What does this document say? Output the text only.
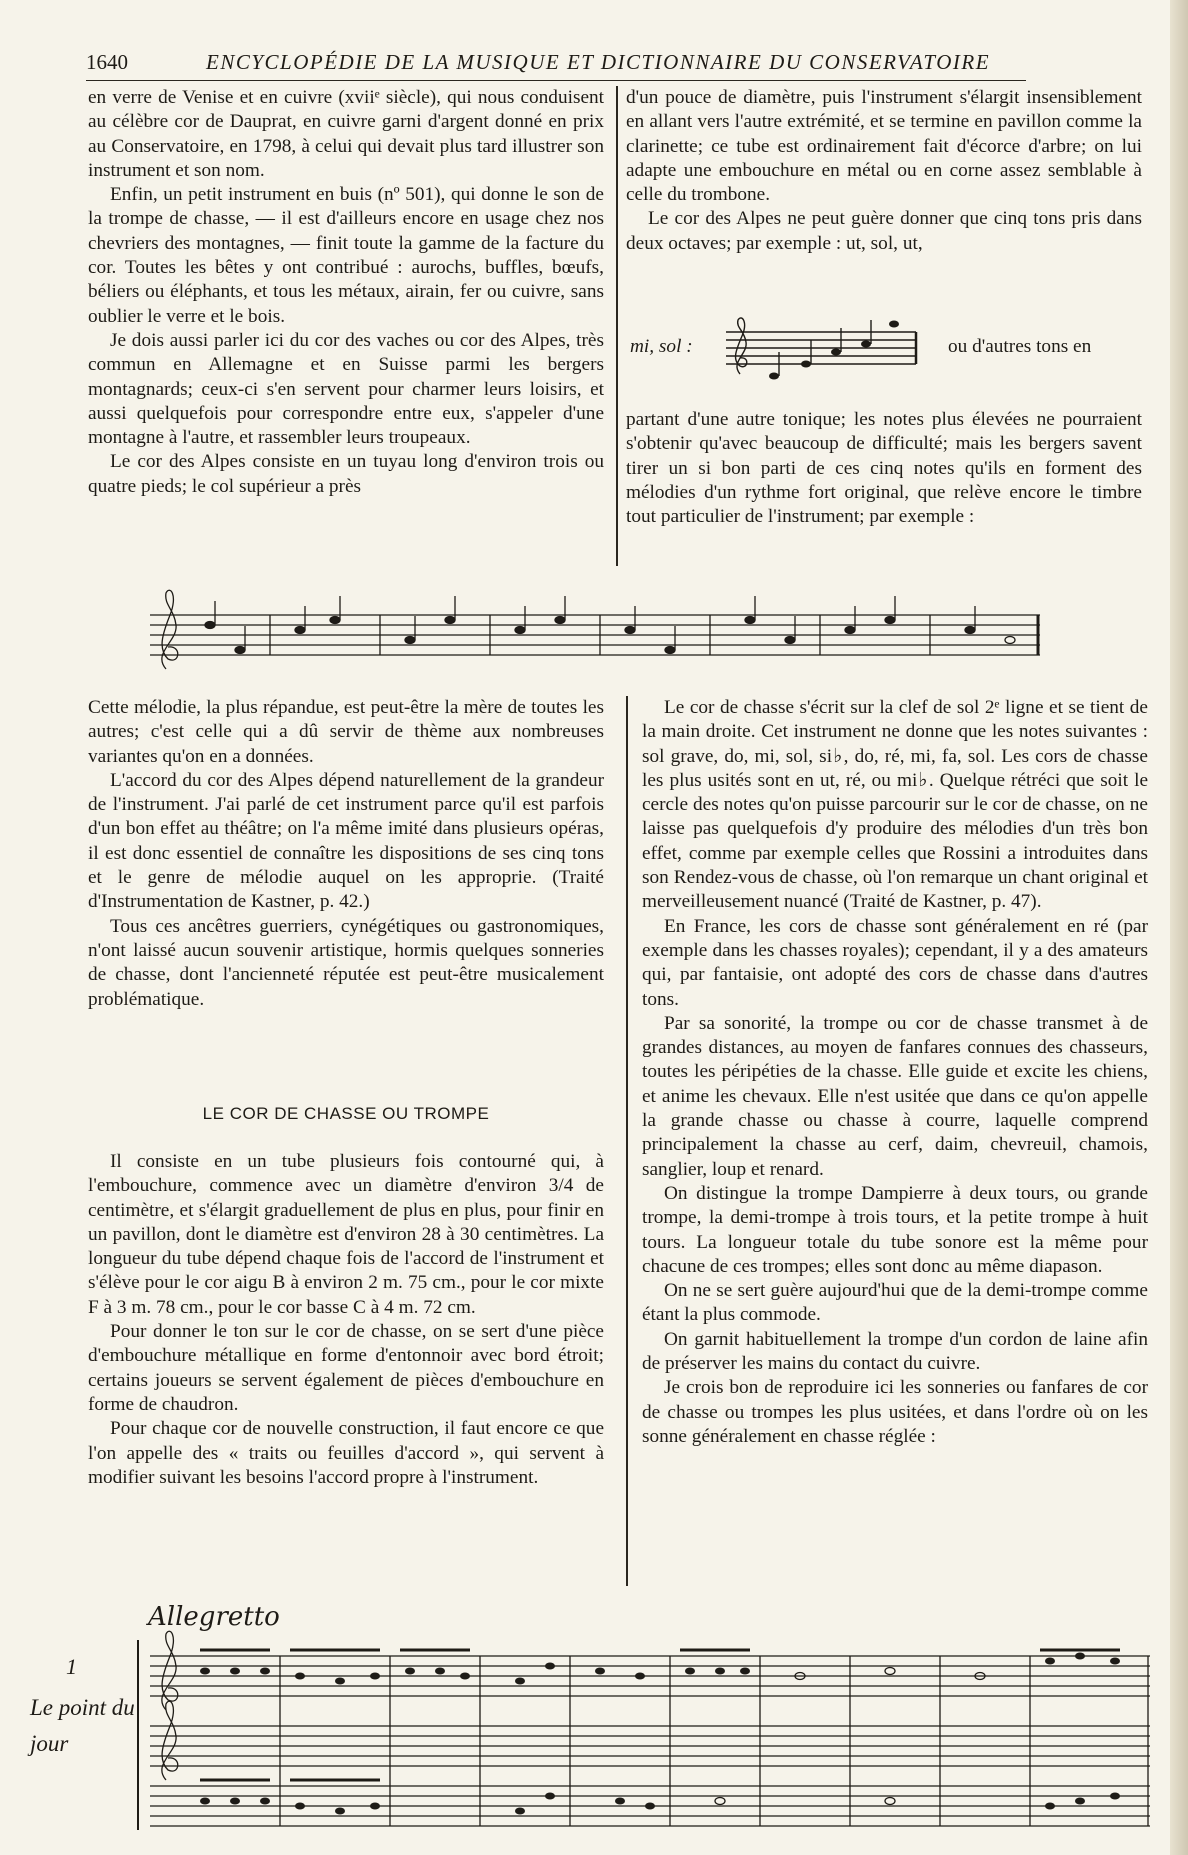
1640	ENCYCLOPÉDIE DE LA MUSIQUE ET DICTIONNAIRE DU CONSERVATOIRE

en verre de Venise et en cuivre (xviiᵉ siècle), qui nous conduisent au célèbre cor de Dauprat, en cuivre garni d'argent donné en prix au Conservatoire, en 1798, à celui qui devait plus tard illustrer son instrument et son nom.

Enfin, un petit instrument en buis (nº 501), qui donne le son de la trompe de chasse, — il est d'ailleurs encore en usage chez nos chevriers des montagnes, — finit toute la gamme de la facture du cor. Toutes les bêtes y ont contribué : aurochs, buffles, bœufs, béliers ou éléphants, et tous les métaux, airain, fer ou cuivre, sans oublier le verre et le bois.

Je dois aussi parler ici du cor des vaches ou cor des Alpes, très commun en Allemagne et en Suisse parmi les bergers montagnards; ceux-ci s'en servent pour charmer leurs loisirs, et aussi quelquefois pour correspondre entre eux, s'appeler d'une montagne à l'autre, et rassembler leurs troupeaux.

Le cor des Alpes consiste en un tuyau long d'environ trois ou quatre pieds; le col supérieur a près

d'un pouce de diamètre, puis l'instrument s'élargit insensiblement en allant vers l'autre extrémité, et se termine en pavillon comme la clarinette; ce tube est ordinairement fait d'écorce d'arbre; on lui adapte une embouchure en métal ou en corne assez semblable à celle du trombone.

Le cor des Alpes ne peut guère donner que cinq tons pris dans deux octaves; par exemple : ut, sol, ut,

mi, sol :	ou d'autres tons en

partant d'une autre tonique; les notes plus élevées ne pourraient s'obtenir qu'avec beaucoup de difficulté; mais les bergers savent tirer un si bon parti de ces cinq notes qu'ils en forment des mélodies d'un rythme fort original, que relève encore le timbre tout particulier de l'instrument; par exemple :

Cette mélodie, la plus répandue, est peut-être la mère de toutes les autres; c'est celle qui a dû servir de thème aux nombreuses variantes qu'on en a données.

L'accord du cor des Alpes dépend naturellement de la grandeur de l'instrument. J'ai parlé de cet instrument parce qu'il est parfois d'un bon effet au théâtre; on l'a même imité dans plusieurs opéras, il est donc essentiel de connaître les dispositions de ses cinq tons et le genre de mélodie auquel on les approprie. (Traité d'Instrumentation de Kastner, p. 42.)

Tous ces ancêtres guerriers, cynégétiques ou gastronomiques, n'ont laissé aucun souvenir artistique, hormis quelques sonneries de chasse, dont l'ancienneté réputée est peut-être musicalement problématique.

LE COR DE CHASSE OU TROMPE

Il consiste en un tube plusieurs fois contourné qui, à l'embouchure, commence avec un diamètre d'environ 3/4 de centimètre, et s'élargit graduellement de plus en plus, pour finir en un pavillon, dont le diamètre est d'environ 28 à 30 centimètres. La longueur du tube dépend chaque fois de l'accord de l'instrument et s'élève pour le cor aigu B à environ 2 m. 75 cm., pour le cor mixte F à 3 m. 78 cm., pour le cor basse C à 4 m. 72 cm.

Pour donner le ton sur le cor de chasse, on se sert d'une pièce d'embouchure métallique en forme d'entonnoir avec bord étroit; certains joueurs se servent également de pièces d'embouchure en forme de chaudron.

Pour chaque cor de nouvelle construction, il faut encore ce que l'on appelle des « traits ou feuilles d'accord », qui servent à modifier suivant les besoins l'accord propre à l'instrument.

Le cor de chasse s'écrit sur la clef de sol 2ᵉ ligne et se tient de la main droite. Cet instrument ne donne que les notes suivantes : sol grave, do, mi, sol, si♭, do, ré, mi, fa, sol. Les cors de chasse les plus usités sont en ut, ré, ou mi♭. Quelque rétréci que soit le cercle des notes qu'on puisse parcourir sur le cor de chasse, on ne laisse pas quelquefois d'y produire des mélodies d'un très bon effet, comme par exemple celles que Rossini a introduites dans son Rendez-vous de chasse, où l'on remarque un chant original et merveilleusement nuancé (Traité de Kastner, p. 47).

En France, les cors de chasse sont généralement en ré (par exemple dans les chasses royales); cependant, il y a des amateurs qui, par fantaisie, ont adopté des cors de chasse dans d'autres tons.

Par sa sonorité, la trompe ou cor de chasse transmet à de grandes distances, au moyen de fanfares connues des chasseurs, toutes les péripéties de la chasse. Elle guide et excite les chiens, et anime les chevaux. Elle n'est usitée que dans ce qu'on appelle la grande chasse ou chasse à courre, laquelle comprend principalement la chasse au cerf, daim, chevreuil, chamois, sanglier, loup et renard.

On distingue la trompe Dampierre à deux tours, ou grande trompe, la demi-trompe à trois tours, et la petite trompe à huit tours. La longueur totale du tube sonore est la même pour chacune de ces trompes; elles sont donc au même diapason.

On ne se sert guère aujourd'hui que de la demi-trompe comme étant la plus commode.

On garnit habituellement la trompe d'un cordon de laine afin de préserver les mains du contact du cuivre.

Je crois bon de reproduire ici les sonneries ou fanfares de cor de chasse ou trompes les plus usitées, et dans l'ordre où on les sonne généralement en chasse réglée :

Allegretto
1
Le point du jour
